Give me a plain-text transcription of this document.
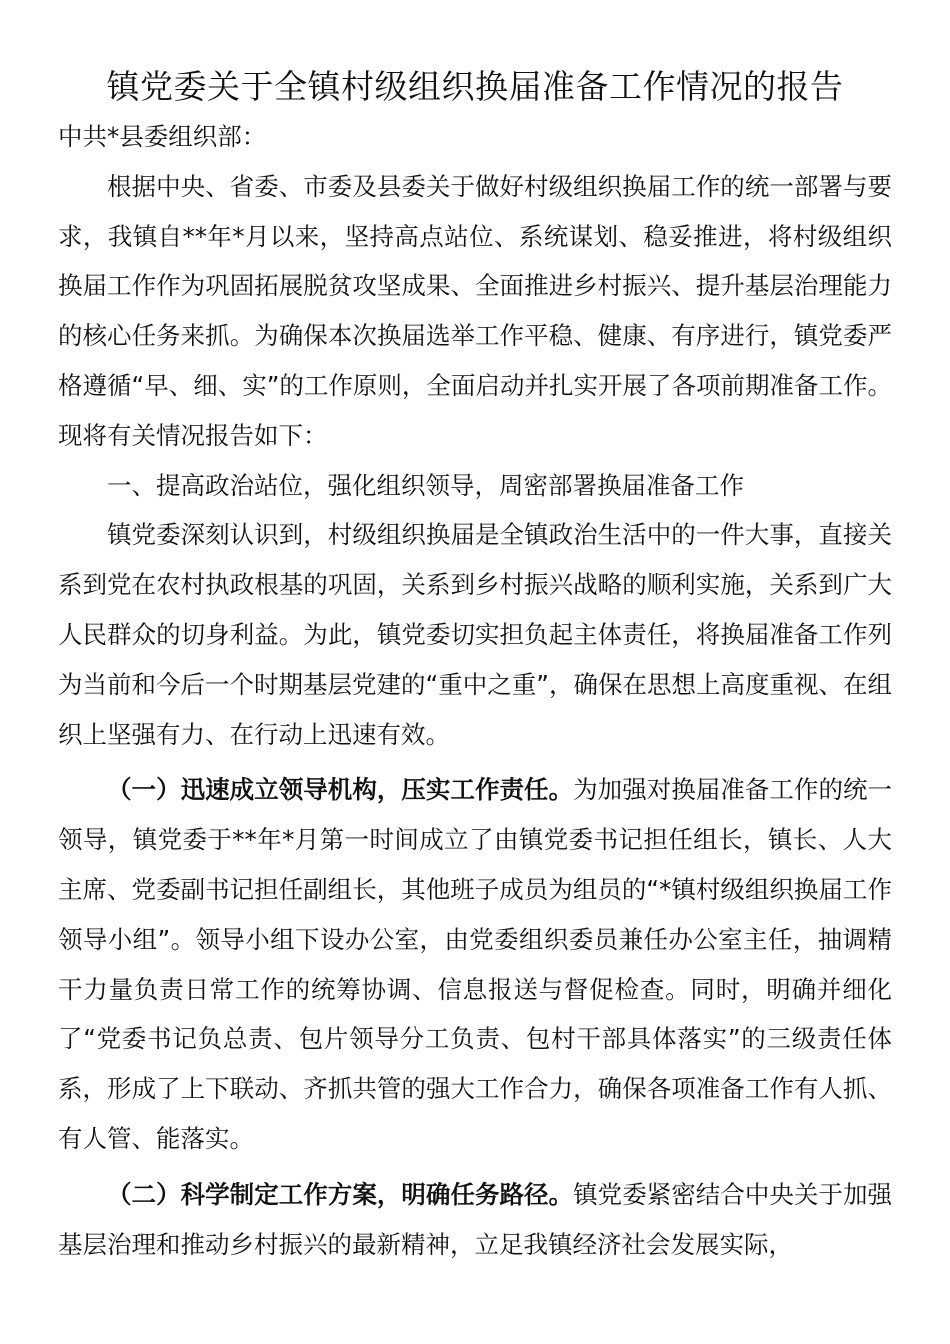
镇党委关于全镇村级组织换届准备工作情况的报告

中共*县委组织部：

根据中央、省委、市委及县委关于做好村级组织换届工作的统一部署与要求，我镇自**年*月以来，坚持高点站位、系统谋划、稳妥推进，将村级组织换届工作作为巩固拓展脱贫攻坚成果、全面推进乡村振兴、提升基层治理能力的核心任务来抓。为确保本次换届选举工作平稳、健康、有序进行，镇党委严格遵循“早、细、实”的工作原则，全面启动并扎实开展了各项前期准备工作。现将有关情况报告如下：

一、提高政治站位，强化组织领导，周密部署换届准备工作

镇党委深刻认识到，村级组织换届是全镇政治生活中的一件大事，直接关系到党在农村执政根基的巩固，关系到乡村振兴战略的顺利实施，关系到广大人民群众的切身利益。为此，镇党委切实担负起主体责任，将换届准备工作列为当前和今后一个时期基层党建的“重中之重”，确保在思想上高度重视、在组织上坚强有力、在行动上迅速有效。

（一）迅速成立领导机构，压实工作责任。为加强对换届准备工作的统一领导，镇党委于**年*月第一时间成立了由镇党委书记担任组长，镇长、人大主席、党委副书记担任副组长，其他班子成员为组员的“*镇村级组织换届工作领导小组”。领导小组下设办公室，由党委组织委员兼任办公室主任，抽调精干力量负责日常工作的统筹协调、信息报送与督促检查。同时，明确并细化了“党委书记负总责、包片领导分工负责、包村干部具体落实”的三级责任体系，形成了上下联动、齐抓共管的强大工作合力，确保各项准备工作有人抓、有人管、能落实。

（二）科学制定工作方案，明确任务路径。镇党委紧密结合中央关于加强基层治理和推动乡村振兴的最新精神，立足我镇经济社会发展实际，
